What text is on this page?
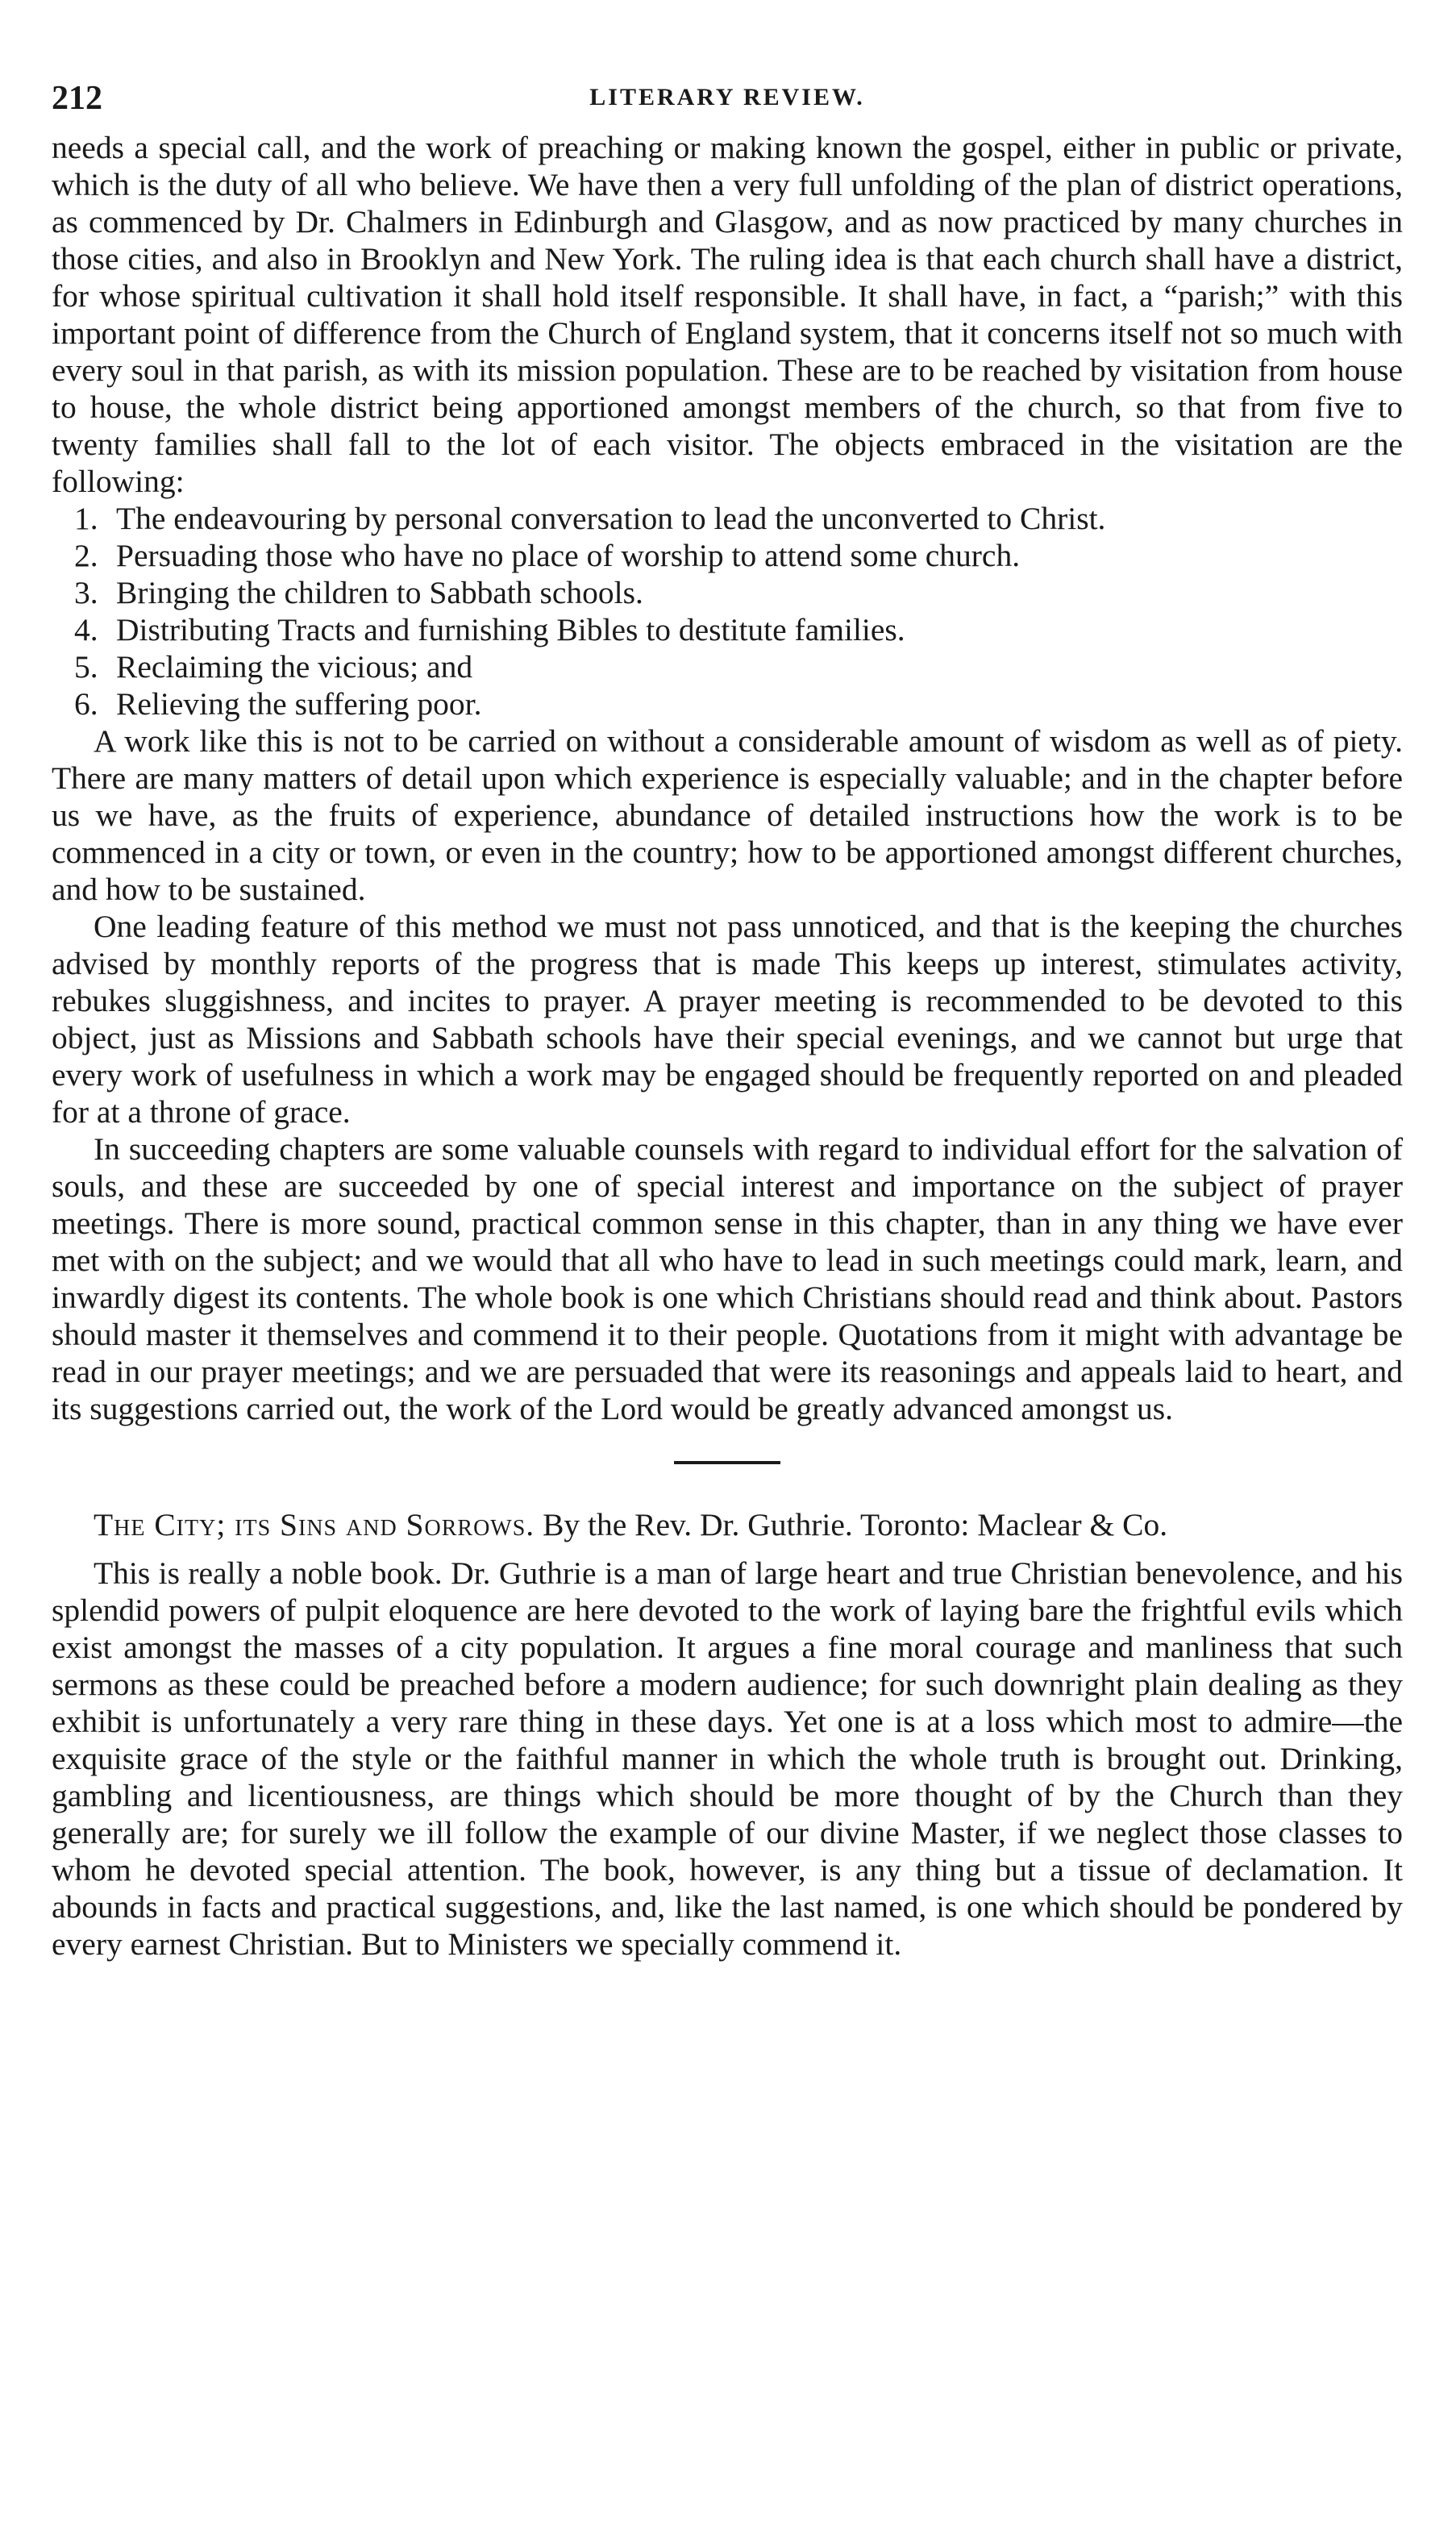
212	LITERARY REVIEW.

needs a special call, and the work of preaching or making known the gospel, either in public or private, which is the duty of all who believe. We have then a very full unfolding of the plan of district operations, as commenced by Dr. Chalmers in Edinburgh and Glasgow, and as now practiced by many churches in those cities, and also in Brooklyn and New York. The ruling idea is that each church shall have a district, for whose spiritual cultivation it shall hold itself responsible. It shall have, in fact, a “parish;” with this important point of difference from the Church of England system, that it concerns itself not so much with every soul in that parish, as with its mission population. These are to be reached by visitation from house to house, the whole district being apportioned amongst members of the church, so that from five to twenty families shall fall to the lot of each visitor. The objects embraced in the visitation are the following:

1. The endeavouring by personal conversation to lead the unconverted to Christ.
2. Persuading those who have no place of worship to attend some church.
3. Bringing the children to Sabbath schools.
4. Distributing Tracts and furnishing Bibles to destitute families.
5. Reclaiming the vicious; and
6. Relieving the suffering poor.

A work like this is not to be carried on without a considerable amount of wisdom as well as of piety. There are many matters of detail upon which experience is especially valuable; and in the chapter before us we have, as the fruits of experience, abundance of detailed instructions how the work is to be commenced in a city or town, or even in the country; how to be apportioned amongst different churches, and how to be sustained.

One leading feature of this method we must not pass unnoticed, and that is the keeping the churches advised by monthly reports of the progress that is made This keeps up interest, stimulates activity, rebukes sluggishness, and incites to prayer. A prayer meeting is recommended to be devoted to this object, just as Missions and Sabbath schools have their special evenings, and we cannot but urge that every work of usefulness in which a work may be engaged should be frequently reported on and pleaded for at a throne of grace.

In succeeding chapters are some valuable counsels with regard to individual effort for the salvation of souls, and these are succeeded by one of special interest and importance on the subject of prayer meetings. There is more sound, practical common sense in this chapter, than in any thing we have ever met with on the subject; and we would that all who have to lead in such meetings could mark, learn, and inwardly digest its contents. The whole book is one which Christians should read and think about. Pastors should master it themselves and commend it to their people. Quotations from it might with advantage be read in our prayer meetings; and we are persuaded that were its reasonings and appeals laid to heart, and its suggestions carried out, the work of the Lord would be greatly advanced amongst us.

The City; its Sins and Sorrows. By the Rev. Dr. Guthrie. Toronto: Maclear & Co.

This is really a noble book. Dr. Guthrie is a man of large heart and true Christian benevolence, and his splendid powers of pulpit eloquence are here devoted to the work of laying bare the frightful evils which exist amongst the masses of a city population. It argues a fine moral courage and manliness that such sermons as these could be preached before a modern audience; for such downright plain dealing as they exhibit is unfortunately a very rare thing in these days. Yet one is at a loss which most to admire—the exquisite grace of the style or the faithful manner in which the whole truth is brought out. Drinking, gambling and licentiousness, are things which should be more thought of by the Church than they generally are; for surely we ill follow the example of our divine Master, if we neglect those classes to whom he devoted special attention. The book, however, is any thing but a tissue of declamation. It abounds in facts and practical suggestions, and, like the last named, is one which should be pondered by every earnest Christian. But to Ministers we specially commend it.
